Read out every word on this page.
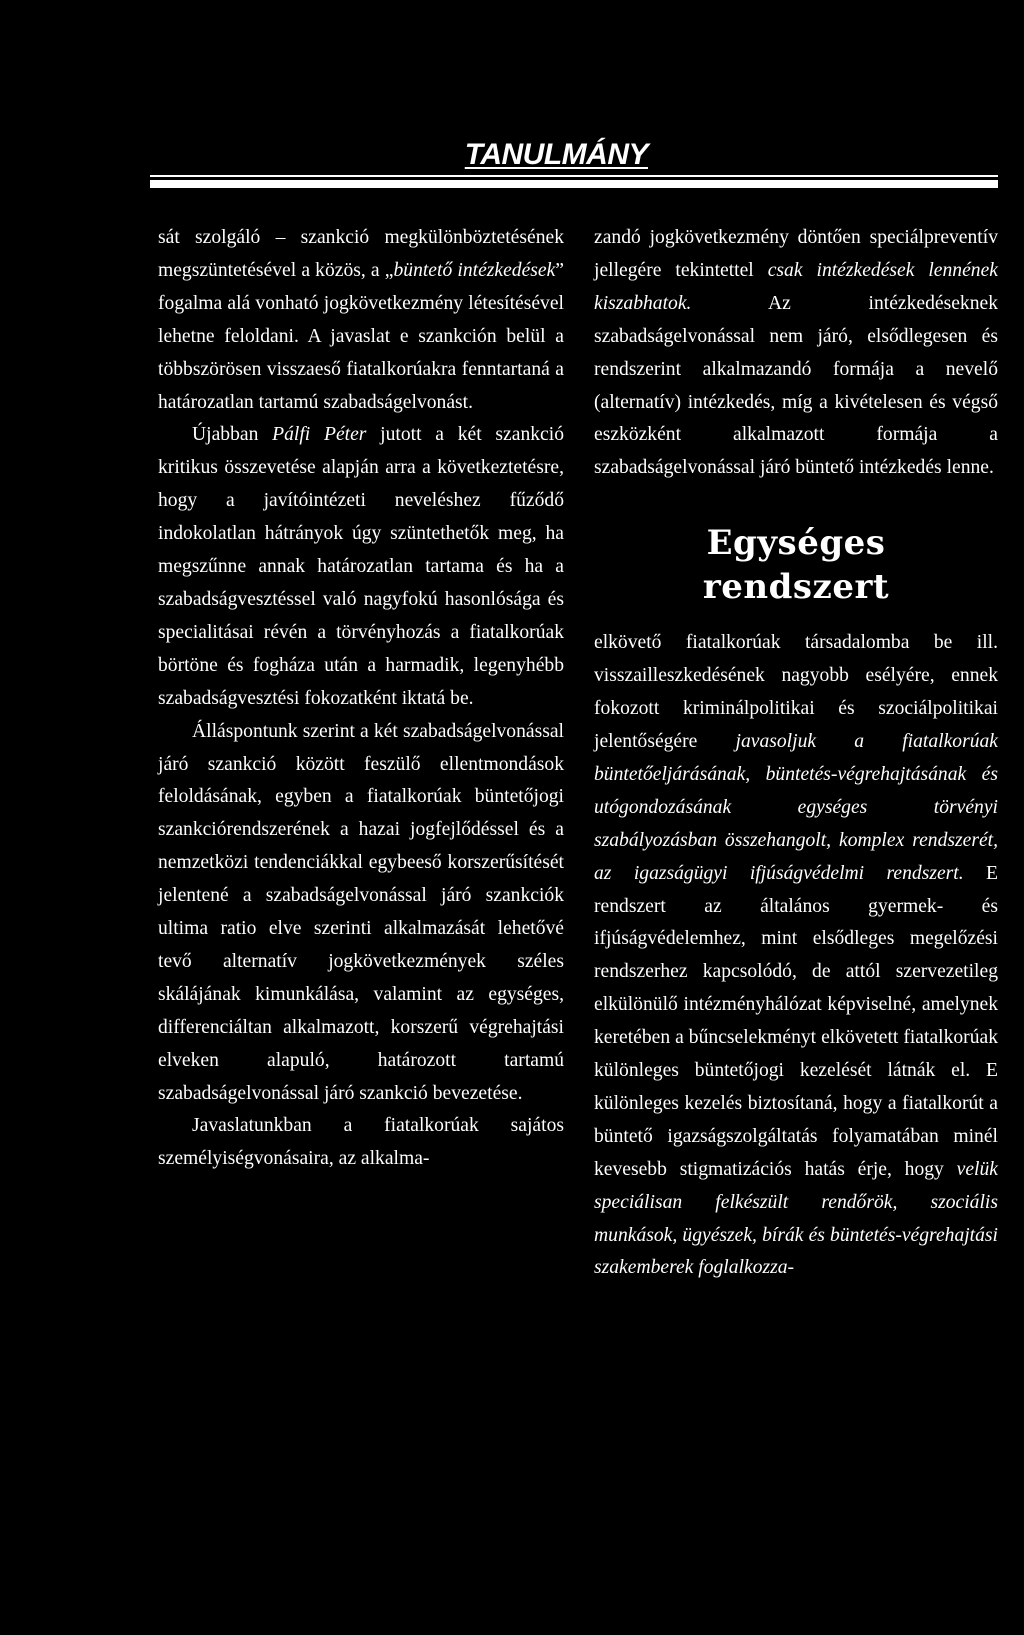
TANULMÁNY

sát szolgáló – szankció megkülönböztetésének megszüntetésével a közös, a „büntető intézkedések” fogalma alá vonható jogkövetkezmény létesítésével lehetne feloldani. A javaslat e szankción belül a többszörösen visszaeső fiatalkorúakra fenntartaná a határozatlan tartamú szabadságelvonást.

Újabban Pálfi Péter jutott a két szankció kritikus összevetése alapján arra a következtetésre, hogy a javítóintézeti neveléshez fűződő indokolatlan hátrányok úgy szüntethetők meg, ha megszűnne annak határozatlan tartama és ha a szabadságvesztéssel való nagyfokú hasonlósága és specialitásai révén a törvényhozás a fiatalkorúak börtöne és fogháza után a harmadik, legenyhébb szabadságvesztési fokozatként iktatá be.

Álláspontunk szerint a két szabadságelvonással járó szankció között feszülő ellentmondások feloldásának, egyben a fiatalkorúak büntetőjogi szankciórendszerének a hazai jogfejlődéssel és a nemzetközi tendenciákkal egybeeső korszerűsítését jelentené a szabadságelvonással járó szankciók ultima ratio elve szerinti alkalmazását lehetővé tevő alternatív jogkövetkezmények széles skálájának kimunkálása, valamint az egységes, differenciáltan alkalmazott, korszerű végrehajtási elveken alapuló, határozott tartamú szabadságelvonással járó szankció bevezetése.

Javaslatunkban a fiatalkorúak sajátos személyiségvonásaira, az alkalma-

zandó jogkövetkezmény döntően speciálpreventív jellegére tekintettel csak intézkedések lennének kiszabhatok. Az intézkedéseknek szabadságelvonással nem járó, elsődlegesen és rendszerint alkalmazandó formája a nevelő (alternatív) intézkedés, míg a kivételesen és végső eszközként alkalmazott formája a szabadságelvonással járó büntető intézkedés lenne.

Egységes
rendszert

elkövető fiatalkorúak társadalomba be ill. visszailleszkedésének nagyobb esélyére, ennek fokozott kriminálpolitikai és szociálpolitikai jelentőségére javasoljuk a fiatalkorúak büntetőeljárásának, büntetés-végrehajtásának és utógondozásának egységes törvényi szabályozásban összehangolt, komplex rendszerét, az igazságügyi ifjúságvédelmi rendszert. E rendszert az általános gyermek- és ifjúságvédelemhez, mint elsődleges megelőzési rendszerhez kapcsolódó, de attól szervezetileg elkülönülő intézményhálózat képviselné, amelynek keretében a bűncselekményt elkövetett fiatalkorúak különleges büntetőjogi kezelését látnák el. E különleges kezelés biztosítaná, hogy a fiatalkorút a büntető igazságszolgáltatás folyamatában minél kevesebb stigmatizációs hatás érje, hogy velük speciálisan felkészült rendőrök, szociális munkások, ügyészek, bírák és büntetés-végrehajtási szakemberek foglalkozza-
